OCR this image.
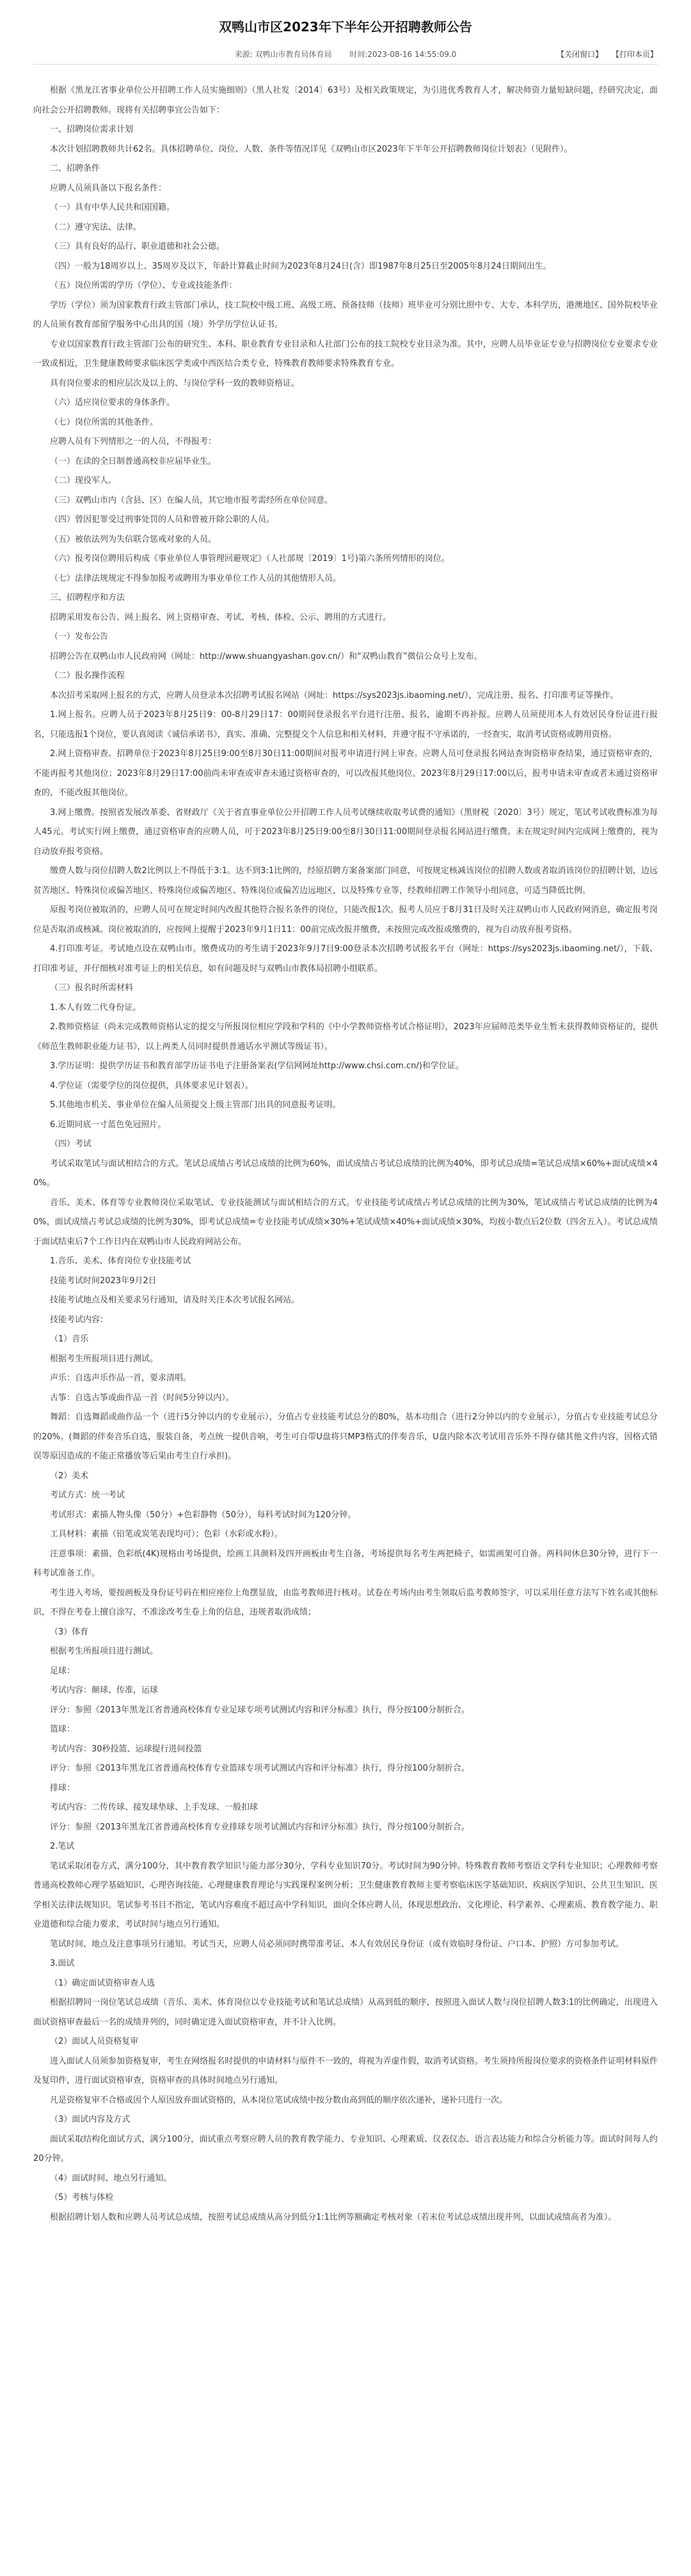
双鸭山市区2023年下半年公开招聘教师公告
来源: 双鸭山市教育局体育局 时间:2023-08-16 14:55:09.0	【关闭窗口】 【打印本页】

根据《黑龙江省事业单位公开招聘工作人员实施细则》（黑人社发〔2014〕63号）及相关政策规定，为引进优秀教育人才，解决师资力量短缺问题，经研究决定，面向社会公开招聘教师。现将有关招聘事宜公告如下：

一、招聘岗位需求计划

本次计划招聘教师共计62名。具体招聘单位、岗位、人数、条件等情况详见《双鸭山市区2023年下半年公开招聘教师岗位计划表》（见附件）。

二、招聘条件

应聘人员须具备以下报名条件：

（一）具有中华人民共和国国籍。

（二）遵守宪法、法律。

（三）具有良好的品行、职业道德和社会公德。

（四）一般为18周岁以上、35周岁及以下，年龄计算截止时间为2023年8月24日(含）即1987年8月25日至2005年8月24日期间出生。

（五）岗位所需的学历（学位）、专业或技能条件：

学历（学位）须为国家教育行政主管部门承认，技工院校中级工班、高级工班、预备技师（技师）班毕业可分别比照中专、大专、本科学历，港澳地区、国外院校毕业的人员须有教育部留学服务中心出具的国（境）外学历学位认证书。

专业以国家教育行政主管部门公布的研究生、本科、职业教育专业目录和人社部门公布的技工院校专业目录为准。其中，应聘人员毕业证专业与招聘岗位专业要求专业一致或相近，卫生健康教师要求临床医学类或中西医结合类专业，特殊教育教师要求特殊教育专业。

具有岗位要求的相应层次及以上的、与岗位学科一致的教师资格证。

（六）适应岗位要求的身体条件。

（七）岗位所需的其他条件。

应聘人员有下列情形之一的人员，不得报考：

（一）在读的全日制普通高校非应届毕业生。

（二）现役军人。

（三）双鸭山市内（含县、区）在编人员，其它地市报考需经所在单位同意。

（四）曾因犯罪受过刑事处罚的人员和曾被开除公职的人员。

（五）被依法列为失信联合惩戒对象的人员。

（六）报考岗位聘用后构成《事业单位人事管理回避规定》（人社部规〔2019〕1号)第六条所列情形的岗位。

（七）法律法规规定不得参加报考或聘用为事业单位工作人员的其他情形人员。

三、招聘程序和方法

招聘采用发布公告、网上报名、网上资格审查、考试、考核、体检、公示、聘用的方式进行。

（一）发布公告

招聘公告在双鸭山市人民政府网（网址：http://www.shuangyashan.gov.cn/）和“双鸭山教育”微信公众号上发布。

（二）报名操作流程

本次招考采取网上报名的方式，应聘人员登录本次招聘考试报名网站（网址：https://sys2023js.ibaoming.net/），完成注册、报名、打印准考证等操作。

1.网上报名。应聘人员于2023年8月25日9：00-8月29日17：00期间登录报名平台进行注册、报名，逾期不再补报。应聘人员须使用本人有效居民身份证进行报名，只能选报1个岗位，要认真阅读《诚信承诺书》，真实、准确、完整提交个人信息和相关材料，并遵守报不守承诺的，一经查实，取消考试资格或聘用资格。

2.网上资格审查。招聘单位于2023年8月25日9:00至8月30日11:00期间对报考申请进行网上审查。应聘人员可登录报名网站查询资格审查结果，通过资格审查的，不能再报考其他岗位；2023年8月29日17:00前尚未审查或审查未通过资格审查的，可以改报其他岗位。2023年8月29日17:00以后，报考申请未审查或者未通过资格审查的，不能改报其他岗位。

3.网上缴费。按照省发展改革委、省财政厅《关于省直事业单位公开招聘工作人员考试继续收取考试费的通知》（黑财税〔2020〕3号）规定，笔试考试收费标准为每人45元。考试实行网上缴费，通过资格审查的应聘人员，可于2023年8月25日9:00至8月30日11:00期间登录报名网站进行缴费。未在规定时间内完成网上缴费的，视为自动放弃报考资格。

缴费人数与岗位招聘人数2比例以上不得低于3:1。达不到3:1比例的，经原招聘方案备案部门同意，可按规定核减该岗位的招聘人数或者取消该岗位的招聘计划，边远贫苦地区、特殊岗位或偏苦地区、特殊岗位或偏苦地区、特殊岗位或偏苦边远地区，以及特殊专业等，经教师招聘工作领导小组同意，可适当降低比例。

原报考岗位被取消的，应聘人员可在规定时间内改报其他符合报名条件的岗位，只能改报1次。报考人员应于8月31日及时关注双鸭山市人民政府网消息，确定报考岗位是否取消或核减。岗位被取消的，应按网上提醒于2023年9月1日11：00前完成改报并缴费，未按照完成改报或缴费的，视为自动放弃报考资格。

4.打印准考证。考试地点设在双鸭山市。缴费成功的考生请于2023年9月7日9:00登录本次招聘考试报名平台（网址：https://sys2023js.ibaoming.net/），下载、打印准考证，并仔细核对准考证上的相关信息，如有问题及时与双鸭山市教体局招聘小组联系。

（三）报名时所需材料

1.本人有效二代身份证。

2.教师资格证（尚未完成教师资格认定的提交与所报岗位相应学段和学科的《中小学教师资格考试合格证明》，2023年应届师范类毕业生暂未获得教师资格证的，提供《师范生教师职业能力证书》，以上两类人员同时提供普通话水平测试等级证书）。

3.学历证明：提供学历证书和教育部学历证书电子注册备案表(学信网网址http://www.chsi.com.cn/)和学位证。

4.学位证（需要学位的岗位提供，具体要求见计划表）。

5.其他地市机关、事业单位在编人员须提交上级主管部门出具的同意报考证明。

6.近期同底一寸蓝色免冠照片。

（四）考试

考试采取笔试与面试相结合的方式。笔试总成绩占考试总成绩的比例为60%，面试成绩占考试总成绩的比例为40%，即考试总成绩=笔试总成绩×60%+面试成绩×40%。

音乐、美术、体育等专业教师岗位采取笔试、专业技能测试与面试相结合的方式。专业技能考试成绩占考试总成绩的比例为30%，笔试成绩占考试总成绩的比例为40%，面试成绩占考试总成绩的比例为30%，即考试总成绩=专业技能考试成绩×30%+笔试成绩×40%+面试成绩×30%，均按小数点后2位数（四舍五入）。考试总成绩于面试结束后7个工作日内在双鸭山市人民政府网站公布。

1.音乐、美术、体育岗位专业技能考试

技能考试时间2023年9月2日

技能考试地点及相关要求另行通知，请及时关注本次考试报名网站。

技能考试内容：

（1）音乐

根据考生所报项目进行测试。

声乐：自选声乐作品一首，要求清唱。

古筝：自选古筝或曲作品一首（时间5分钟以内）。

舞蹈：自选舞蹈或曲作品一个（进行5分钟以内的专业展示），分值占专业技能考试总分的80%，基本功组合（进行2分钟以内的专业展示），分值占专业技能考试总分的20%。(舞蹈的伴奏音乐自选，服装自备，考点统一提供音响，考生可自带U盘将只MP3格式的伴奏音乐，U盘内除本次考试用音乐外不得存储其他文件内容，因格式错误等原因造成的不能正常播放等后果由考生自行承担)。

（2）美术

考试方式：统一考试

考试形式：素描人物头像（50分）+色彩静物（50分），每科考试时间为120分钟。

工具材料：素描（铅笔或炭笔表现均可）；色彩（水彩或水粉）。

注意事项：素描、色彩纸(4K)规格由考场提供，绘画工具颜料及四开画板由考生自备，考场提供每名考生两把椅子，如需画架可自备。两科间休息30分钟，进行下一科考试准备工作。

考生进入考场，要按画板及身份证号码在相应座位上角摆显放，由监考教师进行核对。试卷在考场内由考生领取后监考教师签字，可以采用任意方法写下姓名或其他标识，不得在考卷上擅自涂写，不准涂改考生卷上角的信息，违规者取消成绩；

（3）体育

根据考生所报项目进行测试。

足球：

考试内容：颠球、传准，运球

评分：参照《2013年黑龙江省普通高校体育专业足球专项考试测试内容和评分标准》执行，得分按100分制折合。

篮球：

考试内容：30秒投篮、运球提行进间投篮

评分：参照《2013年黑龙江省普通高校体育专业篮球专项考试测试内容和评分标准》执行，得分按100分制折合。

排球：

考试内容：二传传球、接发球垫球、上手发球、一般扣球

评分：参照《2013年黑龙江省普通高校体育专业排球专项考试测试内容和评分标准》执行，得分按100分制折合。

2.笔试

笔试采取闭卷方式，满分100分，其中教育教学知识与能力部分30分，学科专业知识70分。考试时间为90分钟。特殊教育教师考察语文学科专业知识；心理教师考察普通高校教师心理学基础知识、心理咨询技能、心理健康教育理论与实践课程案例分析；卫生健康教育教师主要考察临床医学基础知识、疾病医学知识、公共卫生知识、医学相关法律法规知识。笔试参考书目不指定，笔试内容难度不超过高中学科知识，面向全体应聘人员，体现思想政治、文化理论、科学素养、心理素质、教育教学能力、职业道德和综合能力要求，考试时间与地点另行通知。

笔试时间、地点及注意事项另行通知。考试当天，应聘人员必须同时携带准考证、本人有效居民身份证（或有效临时身份证、户口本、护照）方可参加考试。

3.面试

（1）确定面试资格审查人选

根据招聘同一岗位笔试总成绩（音乐、美术、体育岗位以专业技能考试和笔试总成绩）从高到低的顺序，按照进入面试人数与岗位招聘人数3:1的比例确定，出现进入面试资格审查最后一名的成绩并列的，同时确定进入面试资格审查，并不计入比例。

（2）面试人员资格复审

进入面试人员须参加资格复审，考生在网络报名时提供的申请材料与原件不一致的，将视为弄虚作假，取消考试资格。考生须持所报岗位要求的资格条件证明材料原件及复印件，进行面试资格审查，资格审查的具体时间地点另行通知。

凡是资格复审不合格或因个人原因放弃面试资格的，从本岗位笔试成绩中按分数由高到低的顺序依次递补，递补只进行一次。

（3）面试内容及方式

面试采取结构化面试方式，满分100分，面试重点考察应聘人员的教育教学能力、专业知识、心理素质、仪表仪态、语言表达能力和综合分析能力等。面试时间每人约20分钟。

（4）面试时间、地点另行通知。

（5）考核与体检

根据招聘计划人数和应聘人员考试总成绩，按照考试总成绩从高分到低分1:1比例等额确定考核对象（若末位考试总成绩出现并列，以面试成绩高者为准）。
